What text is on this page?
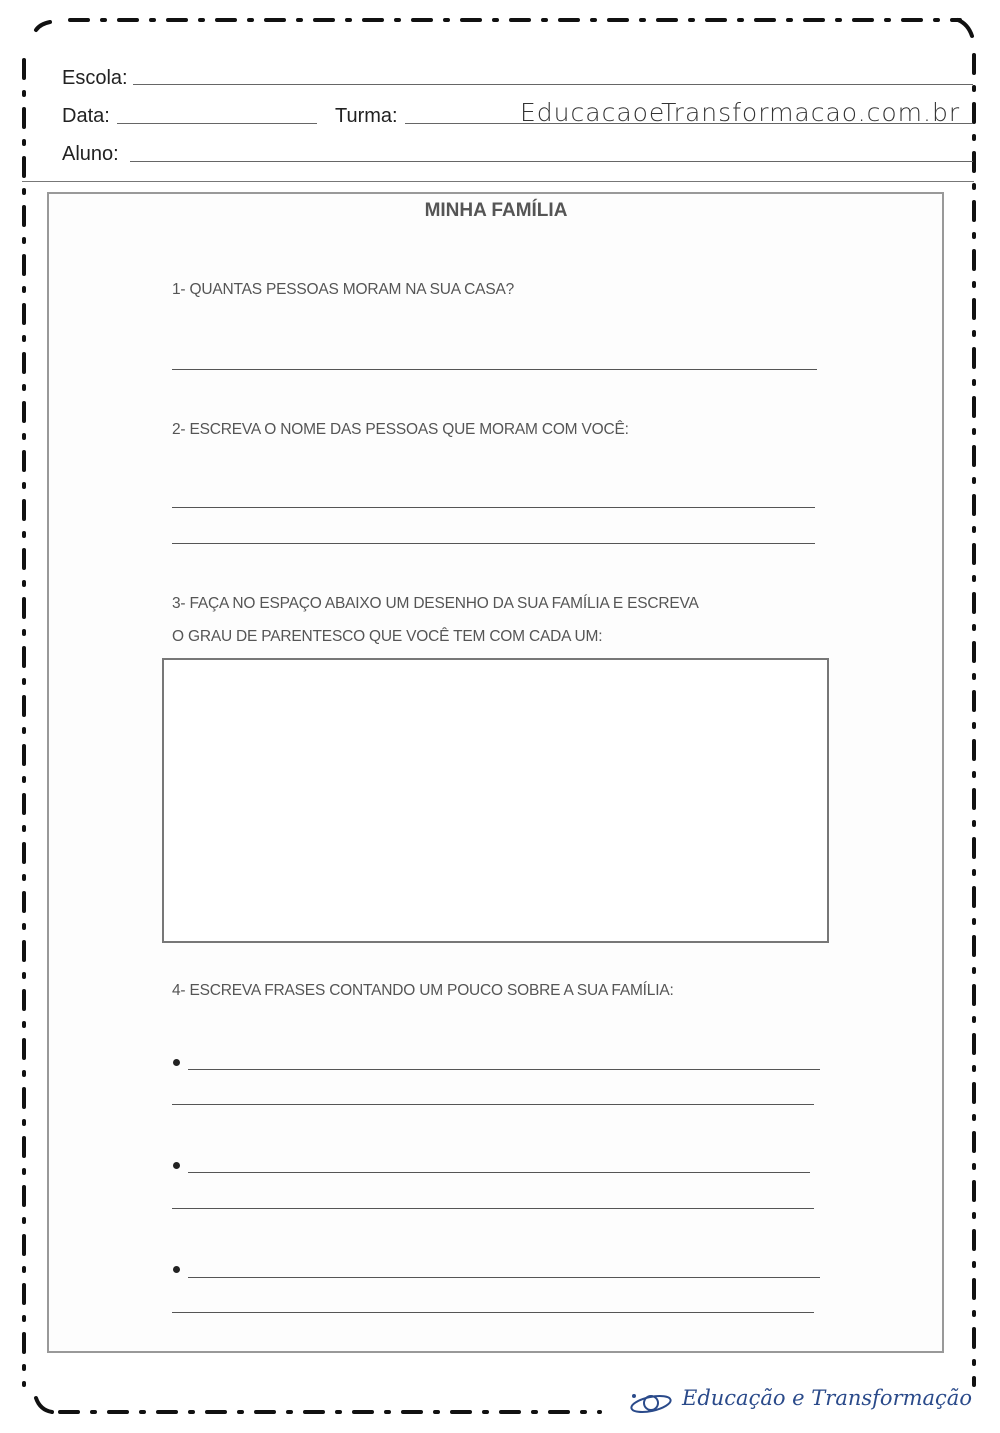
Escola:
Data:	Turma:	EducacaoeTransformacao.com.br
Aluno:
MINHA FAMÍLIA
1- QUANTAS PESSOAS MORAM NA SUA CASA?
2- ESCREVA O NOME DAS PESSOAS QUE MORAM COM VOCÊ:
3- FAÇA NO ESPAÇO ABAIXO UM DESENHO DA SUA FAMÍLIA E ESCREVA
O GRAU DE PARENTESCO QUE VOCÊ TEM COM CADA UM:
4- ESCREVA FRASES CONTANDO UM POUCO SOBRE A SUA FAMÍLIA:
Educação e Transformação
